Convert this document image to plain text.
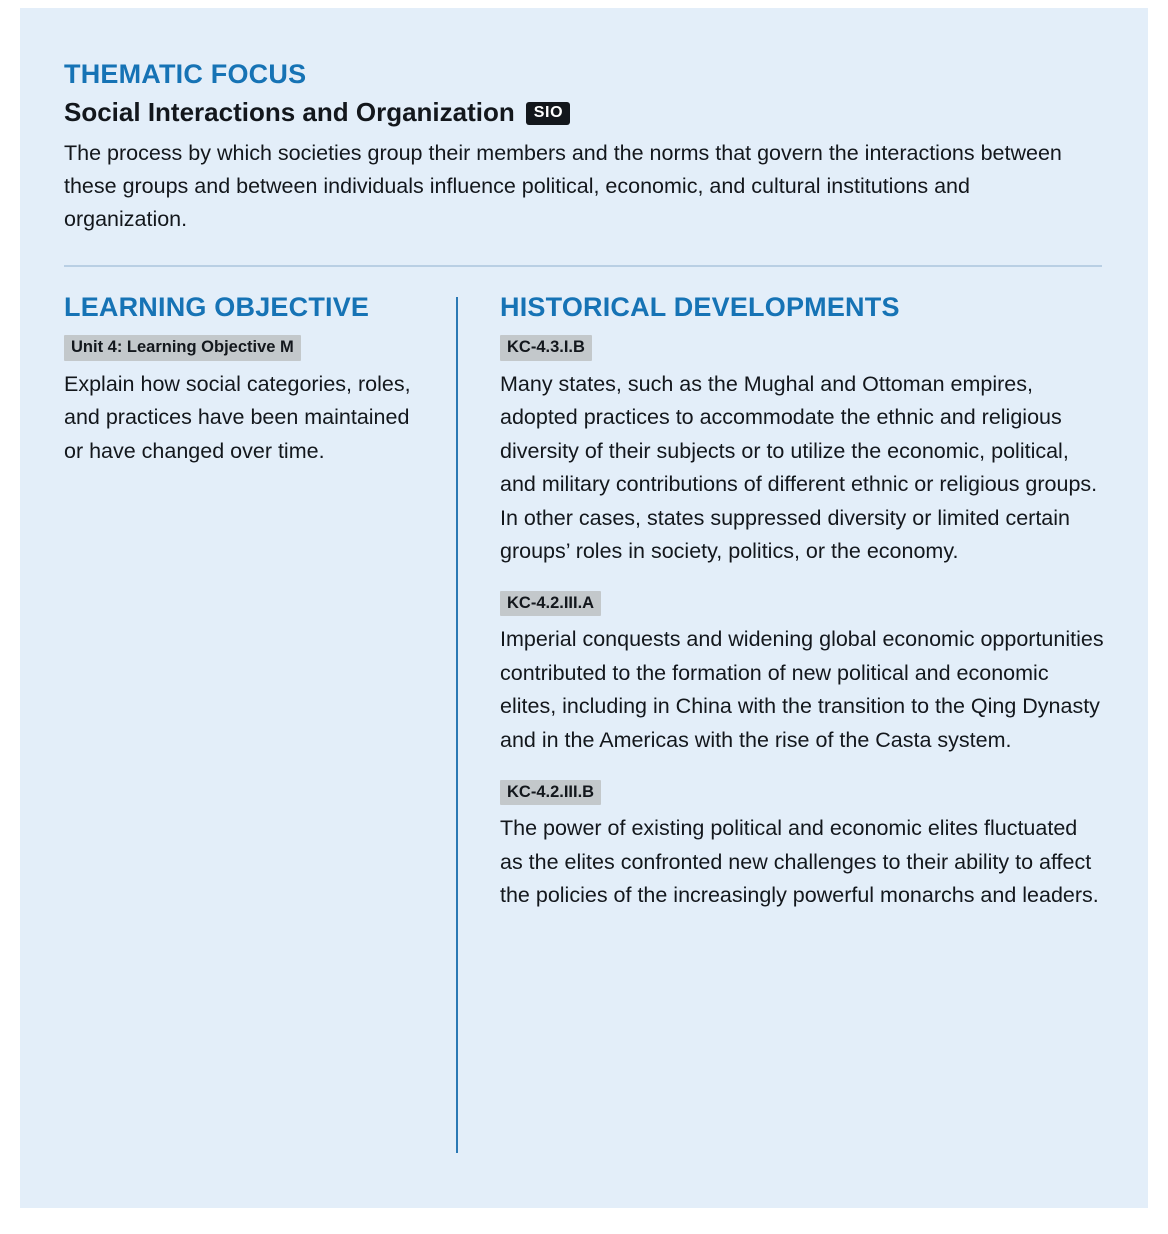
THEMATIC FOCUS
Social Interactions and Organization	SIO

The process by which societies group their members and the norms that govern the interactions between these groups and between individuals influence political, economic, and cultural institutions and organization.

LEARNING OBJECTIVE
Unit 4: Learning Objective M

Explain how social categories, roles, and practices have been maintained or have changed over time.

HISTORICAL DEVELOPMENTS
KC-4.3.I.B

Many states, such as the Mughal and Ottoman empires, adopted practices to accommodate the ethnic and religious diversity of their subjects or to utilize the economic, political, and military contributions of different ethnic or religious groups. In other cases, states suppressed diversity or limited certain groups’ roles in society, politics, or the economy.

KC-4.2.III.A

Imperial conquests and widening global economic opportunities contributed to the formation of new political and economic elites, including in China with the transition to the Qing Dynasty and in the Americas with the rise of the Casta system.

KC-4.2.III.B

The power of existing political and economic elites fluctuated as the elites confronted new challenges to their ability to affect the policies of the increasingly powerful monarchs and leaders.
